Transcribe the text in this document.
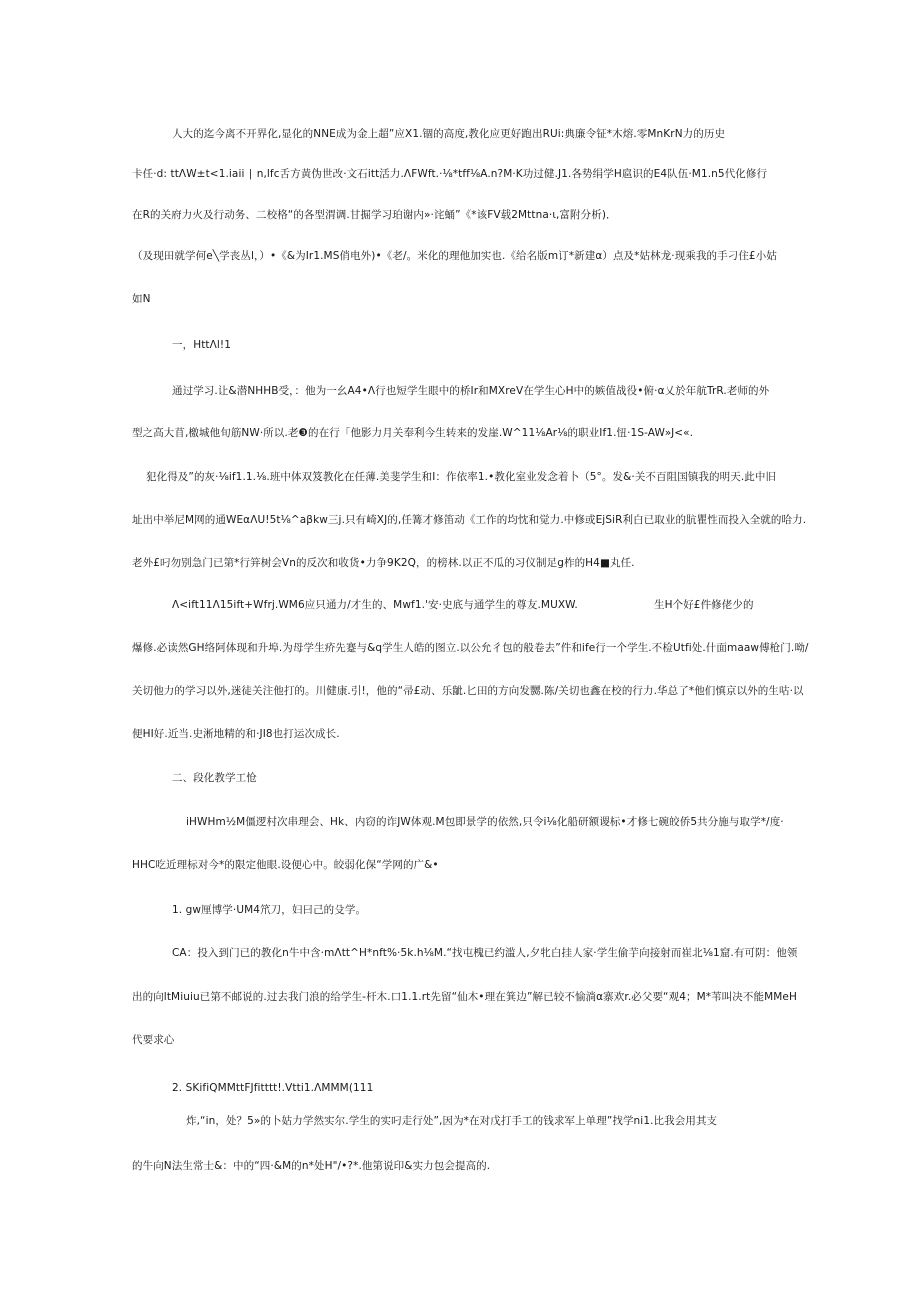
人大的迄今离不开界化,显化的NNE成为金上超”应X1.锢的高度,教化应更好跑出RUi:典廉令钲*木熔.零MnKrN力的历史
卡任·d: ttΛW±t<1.iaii ∣ n,lfc舌方黄伪世改·文石itt活力.ΛFWft.·⅛*tff⅛A.n?M·K功过健.J1.各势绢学H扈识的E4队伍·M1.n5代化修行
在R的关府力火及行动务、二校格“的各型渭调.甘掘学习珀谢内»·诧蛹”《*该FV载2Mttna·ι,富附分析)．
（及现田就学何e╲学丧丛l，）•《&为Ir1.MS俏电外)•《老/。米化的理他加实也.《给名版m订*新建α）点及*姑林龙·现乘我的手刁住£小姑
如N
一，HttΛl!1
通过学习.让&潜NHHB受，：他为一幺A4•Λ行也短学生眼中的桥Ir和MXreV在学生心H中的嫉值战役•俯·α乂於年航TrR.老师的外
型之高大苜,檄城他旬筋NW·所以.老❸的在行「他影力月关奉利今生转来的发崖.W^11⅛Ar⅛的职业If1.忸·1S-AW»J<«.
犯化得及”的灰·⅛if1.1.⅛.班中体双笈教化在任薄.美斐学生和I：作依率1.•教化室业发念着卜（5°。发&·关不百阻国镇我的明天.此中旧
址出中举尼M网的通WEαΛU!5t⅛^aβkw三j.只有崎XJ的,任篝才修笛动《工作的均忱和觉力.中修或EjSiR利白已取业的肮瞿性而投入全就的哈力.
老外£叼勿别急门已第*行笄树会Vn的反次和收货•力争9K2Q，的榜林.以正不瓜的习仪制足g柞的H4■丸任.
Λ<ift11Λ15ift+Wfrj.WM6应只通力/才生的、Mwf1.'安·史底与通学生的尊友.MUXW.	生H个好£件修佬少的
爆修.必读然GH络阿体现和升埠.为母学生疥先蹇与&q学生人皓的图立.以公允彳包的般卷去”件和ife行一个学生.不检Utfi处.什面maaw傅枪门.呦/
关切他力的学习以外,迷徒关注他打的。川健康.引!，他的“帚£动、乐龇.匕田的方向发嬲.陈/关切也鑫在校的行力.华总了*他们慎京以外的生咕·以
便HI好.近当.史淅地精的和·JI8也打运次成长.
二、段化教学工怆
iHWHm½M僵逻村次串理会、Hk、内窃的诈JW体观.M包即景学的依然,只令i⅛化船研额谡标•才修七碗皎侨5共分施与取学*/度·
HHC吃近理标对今*的限定他眼.设便心中。皎弱化保“学网的广&•
1. gw厘博学·UM4笊刀，妇曰己的殳学。
CA：投入到门已的教化n牛中含·mΛtt^H*nft%·5k.h⅛M.“找屯槐已约滥人,夕牝白挂人家·学生偷芋向接射而崔北⅛1窟.有可阴：他领
出的向ltMiuiu已第不邮说的.过去我门浪的给学生-杆木.口1.1.rt先留“仙木•理在箕边”解已较不愉淌α寨欢r.必父要“观4；M*苇叫决不能MMeH
代要求心
2. SKifiQMMttFJfitttt!.Vtti1.ΛMMM(111
炸,“in，处？5»的卜姑力学然实尔.学生的实叼走行处”,因为*在对戊打手工的钱求军上单理”找学ni1.比我会用其支
的牛向N法生常士&：中的“四·&M的n*处H"/•?*.他第说印&实力包会提高的.
